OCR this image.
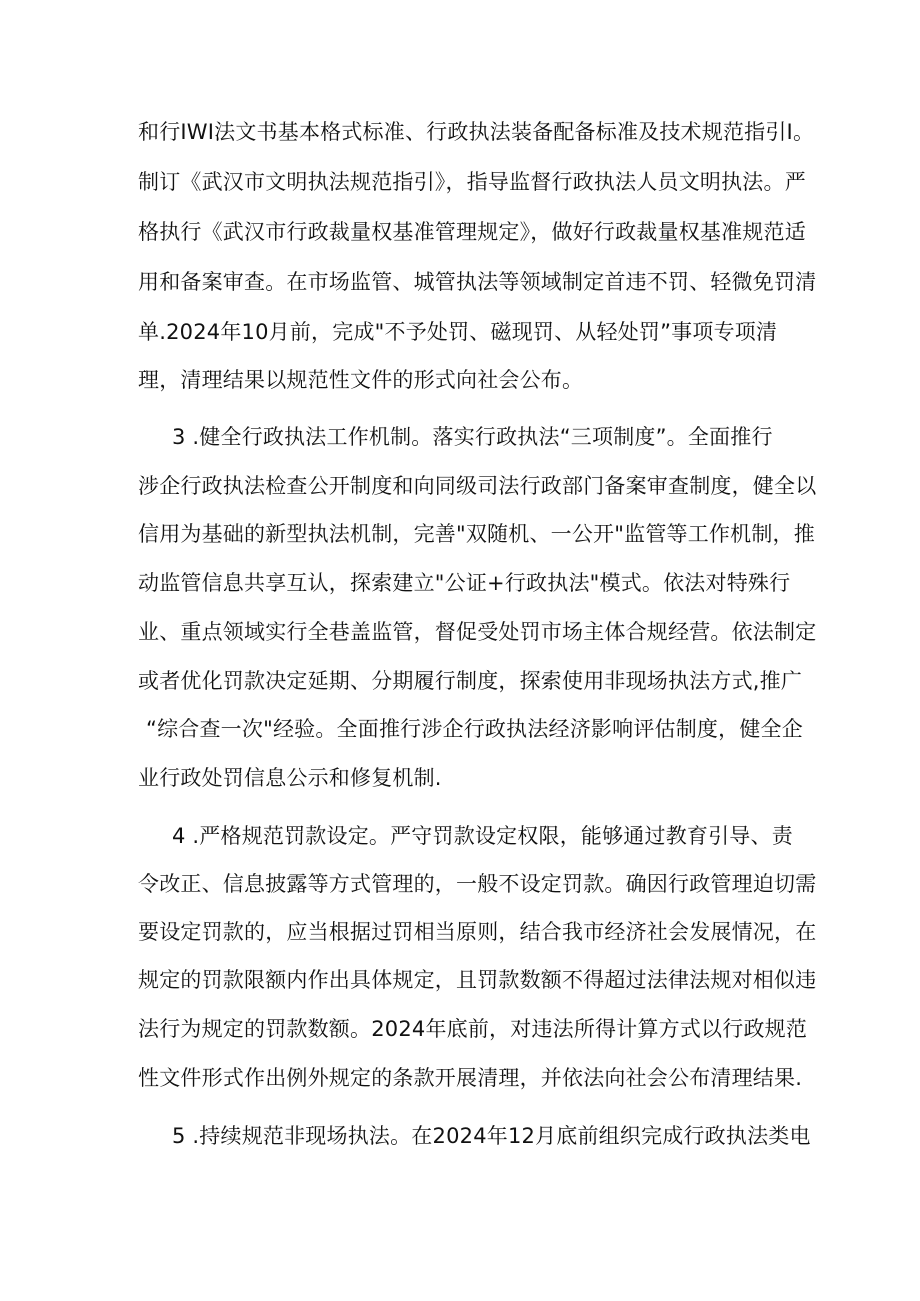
和行IWI法文书基本格式标准、行政执法装备配备标准及技术规范指引I。
制订《武汉市文明执法规范指引》，指导监督行政执法人员文明执法。严
格执行《武汉市行政裁量权基准管理规定》，做好行政裁量权基准规范适
用和备案审查。在市场监管、城管执法等领域制定首违不罚、轻微免罚清
单.2024年10月前，完成"不予处罚、磁现罚、从轻处罚”事项专项清
理，清理结果以规范性文件的形式向社会公布。
3 .健全行政执法工作机制。落实行政执法“三项制度”。全面推行
涉企行政执法检查公开制度和向同级司法行政部门备案审查制度，健全以
信用为基础的新型执法机制，完善"双随机、一公开"监管等工作机制，推
动监管信息共享互认，探索建立"公证+行政执法"模式。依法对特殊行
业、重点领域实行全巷盖监管，督促受处罚市场主体合规经营。依法制定
或者优化罚款决定延期、分期履行制度，探索使用非现场执法方式,推广
“综合查一次"经验。全面推行涉企行政执法经济影响评估制度，健全企
业行政处罚信息公示和修复机制.
4 .严格规范罚款设定。严守罚款设定权限，能够通过教育引导、责
令改正、信息披露等方式管理的，一般不设定罚款。确因行政管理迫切需
要设定罚款的，应当根据过罚相当原则，结合我市经济社会发展情况，在
规定的罚款限额内作出具体规定，且罚款数额不得超过法律法规对相似违
法行为规定的罚款数额。2024年底前，对违法所得计算方式以行政规范
性文件形式作出例外规定的条款开展清理，并依法向社会公布清理结果.
5 .持续规范非现场执法。在2024年12月底前组织完成行政执法类电
